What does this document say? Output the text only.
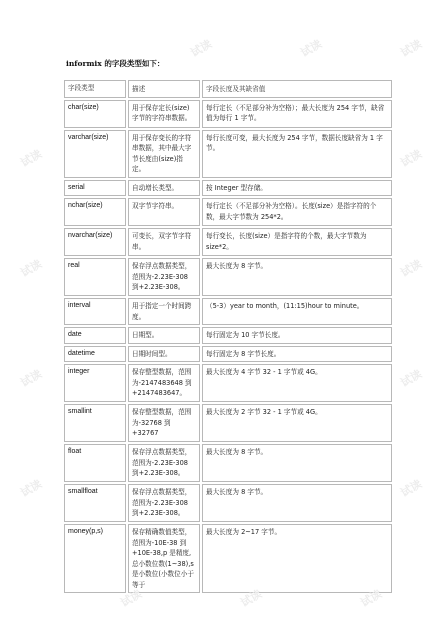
informix 的字段类型如下：
字段类型	描述	字段长度及其缺省值
char(size)	用于保存定长(size)字节的字符串数据。	每行定长（不足部分补为空格）；最大长度为 254 字节，缺省值为每行 1 字节。
varchar(size)	用于保存变长的字符串数据，其中最大字节长度由(size)指定。	每行长度可变，最大长度为 254 字节，数据长度缺省为 1 字节。
serial	自动增长类型。	按 Integer 型存储。
nchar(size)	双字节字符串。	每行定长（不足部分补为空格）。长度(size）是指字符的个数，最大字节数为 254*2。
nvarchar(size)	可变长，双字节字符串。	每行变长，长度(size）是指字符的个数，最大字节数为 size*2。
real	保存浮点数据类型，范围为-2.23E-308 到+2.23E-308。	最大长度为 8 字节。
interval	用于指定一个时间跨度。	（5-3）year to month，(11:15)hour to minute。
date	日期型。	每行固定为 10 字节长度。
datetime	日期时间型。	每行固定为 8 字节长度。
integer	保存整型数据，范围为-2147483648 到+2147483647。	最大长度为 4 字节 32 - 1 字节或 4G。
smallint	保存整型数据，范围为-32768 到+32767	最大长度为 2 字节 32 - 1 字节或 4G。
float	保存浮点数据类型，范围为-2.23E-308 到+2.23E-308。	最大长度为 8 字节。
smallfloat	保存浮点数据类型，范围为-2.23E-308 到+2.23E-308。	最大长度为 8 字节。
money(p,s)	保存精确数值类型，范围为-10E-38 到+10E-38,p 是精度,总小数位数(1~38),s 是小数位(小数位小于等于	最大长度为 2~17 字节。
试读	试读	试读
试读	试读
试读	试读
试读	试读
试读	试读
试读	试读	试读
